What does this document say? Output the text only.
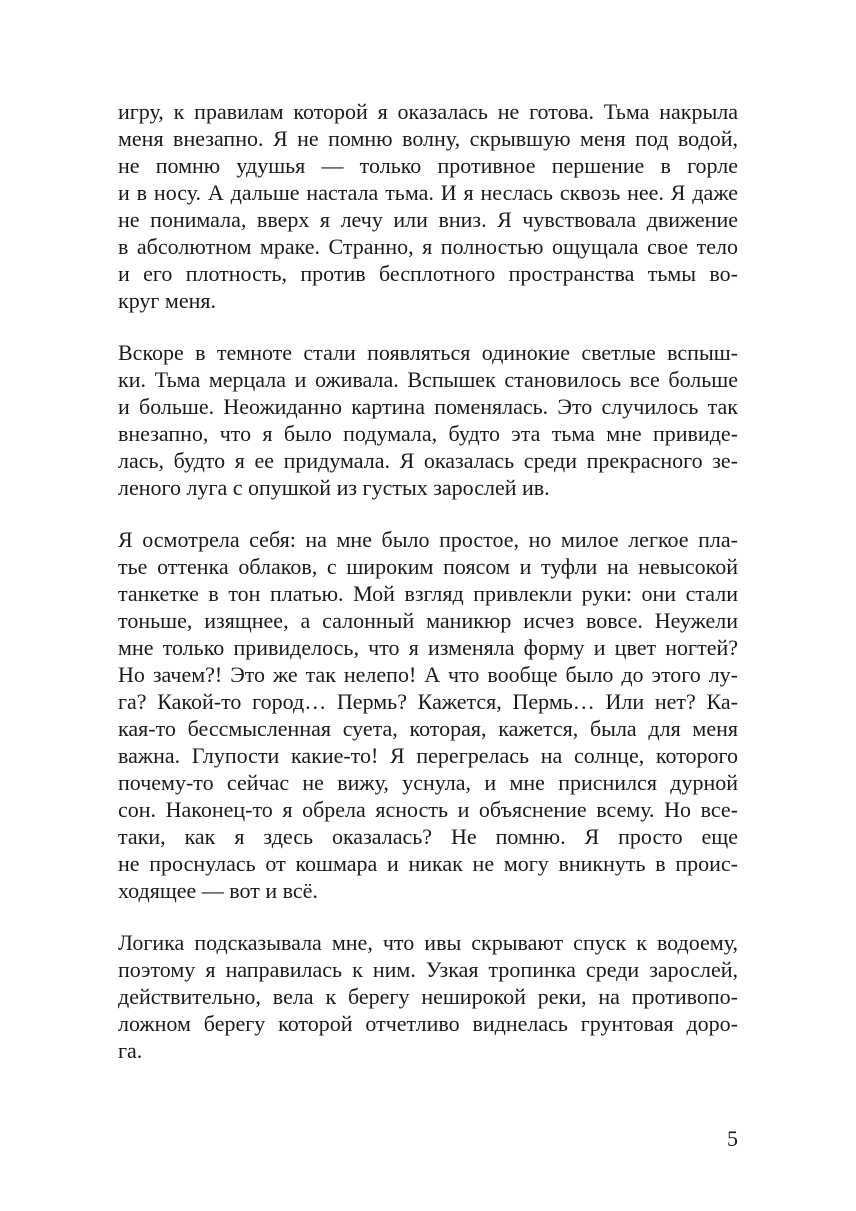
игру, к правилам которой я оказалась не готова. Тьма накрыла
меня внезапно. Я не помню волну, скрывшую меня под водой,
не помню удушья — только противное першение в горле
и в носу. А дальше настала тьма. И я неслась сквозь нее. Я даже
не понимала, вверх я лечу или вниз. Я чувствовала движение
в абсолютном мраке. Странно, я полностью ощущала свое тело
и его плотность, против бесплотного пространства тьмы во-
круг меня.
Вскоре в темноте стали появляться одинокие светлые вспыш-
ки. Тьма мерцала и оживала. Вспышек становилось все больше
и больше. Неожиданно картина поменялась. Это случилось так
внезапно, что я было подумала, будто эта тьма мне привиде-
лась, будто я ее придумала. Я оказалась среди прекрасного зе-
леного луга с опушкой из густых зарослей ив.
Я осмотрела себя: на мне было простое, но милое легкое пла-
тье оттенка облаков, с широким поясом и туфли на невысокой
танкетке в тон платью. Мой взгляд привлекли руки: они стали
тоньше, изящнее, а салонный маникюр исчез вовсе. Неужели
мне только привиделось, что я изменяла форму и цвет ногтей?
Но зачем?! Это же так нелепо! А что вообще было до этого лу-
га? Какой-то город… Пермь? Кажется, Пермь… Или нет? Ка-
кая-то бессмысленная суета, которая, кажется, была для меня
важна. Глупости какие-то! Я перегрелась на солнце, которого
почему-то сейчас не вижу, уснула, и мне приснился дурной
сон. Наконец-то я обрела ясность и объяснение всему. Но все-
таки, как я здесь оказалась? Не помню. Я просто еще
не проснулась от кошмара и никак не могу вникнуть в проис-
ходящее — вот и всё.
Логика подсказывала мне, что ивы скрывают спуск к водоему,
поэтому я направилась к ним. Узкая тропинка среди зарослей,
действительно, вела к берегу неширокой реки, на противопо-
ложном берегу которой отчетливо виднелась грунтовая доро-
га.
5
